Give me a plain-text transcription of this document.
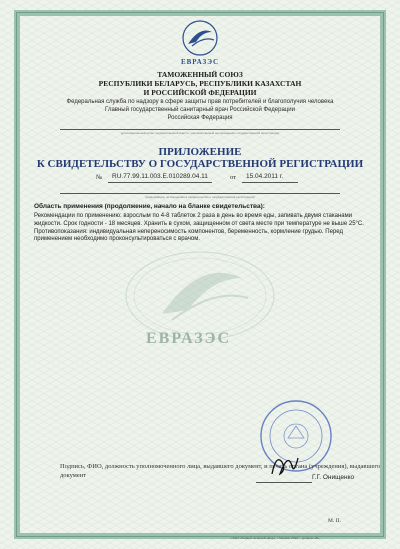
ЕВРАЗЭС
ТАМОЖЕННЫЙ СОЮЗ
РЕСПУБЛИКИ БЕЛАРУСЬ, РЕСПУБЛИКИ КАЗАХСТАН
И РОССИЙСКОЙ ФЕДЕРАЦИИ
Федеральная служба по надзору в сфере защиты прав потребителей и благополучия человека
Главный государственный санитарный врач Российской Федерации
Российская Федерация
(уполномоченный орган государственной власти, уполномоченный на проведение государственной регистрации)
ПРИЛОЖЕНИЕ
К СВИДЕТЕЛЬСТВУ О ГОСУДАРСТВЕННОЙ РЕГИСТРАЦИИ
№ RU.77.99.11.003.E.010289.04.11	от 15.04.2011 г.
(информация, не вошедшая в свидетельство о государственной регистрации)
Область применения (продолжение, начало на бланке свидетельства):
Рекомендации по применению: взрослым по 4-8 таблеток 2 раза в день во время еды, запивать двумя стаканами жидкости. Срок годности - 18 месяцев. Хранить в сухом, защищенном от света месте при температуре не выше 25°С. Противопоказания: индивидуальная непереносимость компонентов, беременность, кормление грудью. Перед применением необходимо проконсультироваться с врачом.
ЕВРАЗЭС
Подпись, ФИО, должность уполномоченного лица, выдавшего документ, и печать органа (учреждения), выдавшего документ	Г.Г. Онищенко
М. П.
« ЗАО «Первый печатный двор», г. Москва, 2010 г., уровень «В»
